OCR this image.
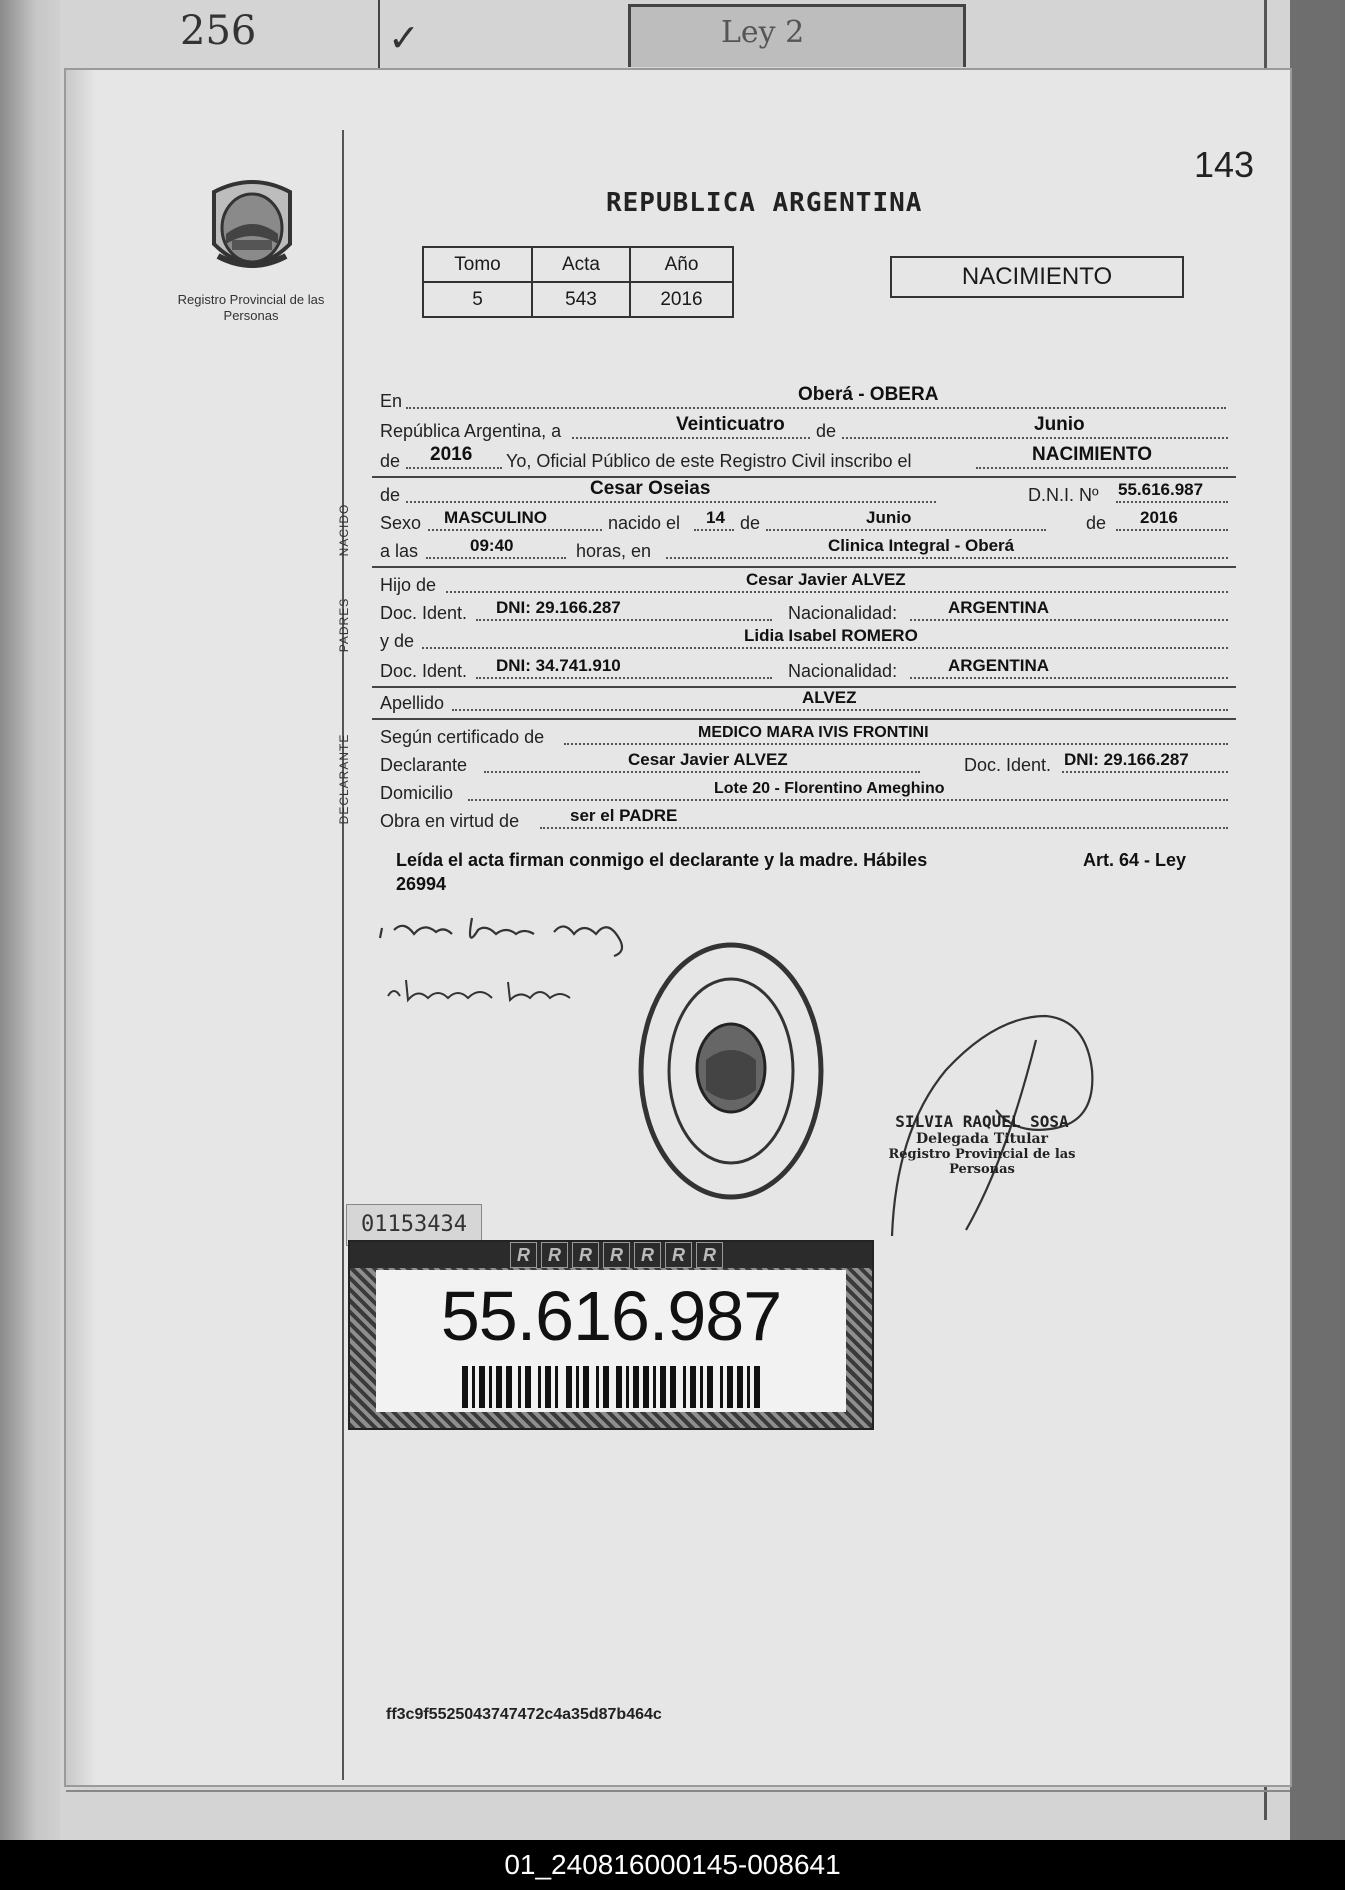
256	✓	Ley 2
143
Registro Provincial de las Personas
REPUBLICA ARGENTINA
Tomo	Acta	Año
5	543	2016
NACIMIENTO
En	Oberá - OBERA
República Argentina, a	Veinticuatro de	Junio
de 2016 Yo, Oficial Público de este Registro Civil inscribo el	NACIMIENTO
NACIDO
de	Cesar Oseias	D.N.I. Nº 55.616.987
Sexo MASCULINO	nacido el 14 de	Junio	de 2016
a las	09:40	horas, en	Clinica Integral - Oberá
PADRES
Hijo de	Cesar Javier ALVEZ
Doc. Ident. DNI: 29.166.287	Nacionalidad:	ARGENTINA
y de	Lidia Isabel ROMERO
Doc. Ident. DNI: 34.741.910	Nacionalidad:	ARGENTINA
Apellido	ALVEZ
DECLARANTE	Según certificado de	MEDICO MARA IVIS FRONTINI
Declarante	Cesar Javier ALVEZ	Doc. Ident. DNI: 29.166.287
Domicilio	Lote 20 - Florentino Ameghino
Obra en virtud de	ser el PADRE
Leída el acta firman conmigo el declarante y la madre. Hábiles
26994
Art. 64 - Ley
SILVIA RAQUEL SOSA
Delegada Titular
Registro Provincial de las Personas
01153434
R	R	R	R	R	R	R
55.616.987
ff3c9f5525043747472c4a35d87b464c
01_240816000145-008641
